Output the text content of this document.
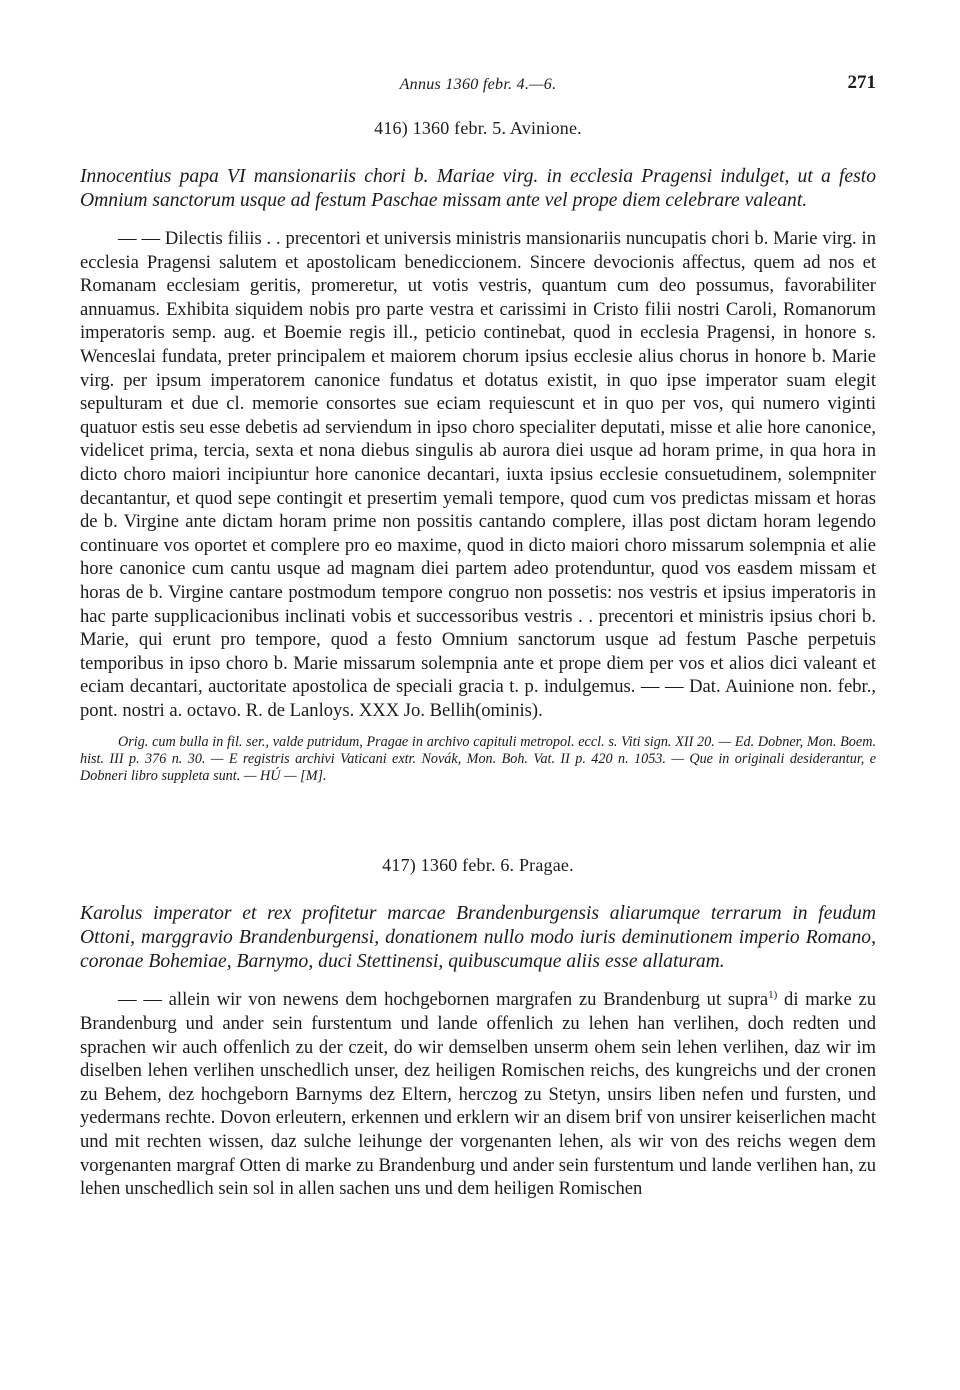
Annus 1360 febr. 4.—6.	271
416) 1360 febr. 5. Avinione.

Innocentius papa VI mansionariis chori b. Mariae virg. in ecclesia Pragensi indulget, ut a festo Omnium sanctorum usque ad festum Paschae missam ante vel prope diem celebrare valeant.

— — Dilectis filiis . . precentori et universis ministris mansionariis nuncupatis chori b. Marie virg. in ecclesia Pragensi salutem et apostolicam benediccionem. Sincere devocionis affectus, quem ad nos et Romanam ecclesiam geritis, promeretur, ut votis vestris, quantum cum deo possumus, favorabiliter annuamus. Exhibita siquidem nobis pro parte vestra et carissimi in Cristo filii nostri Caroli, Romanorum imperatoris semp. aug. et Boemie regis ill., peticio continebat, quod in ecclesia Pragensi, in honore s. Wenceslai fundata, preter principalem et maiorem chorum ipsius ecclesie alius chorus in honore b. Marie virg. per ipsum imperatorem canonice fundatus et dotatus existit, in quo ipse imperator suam elegit sepulturam et due cl. memorie consortes sue eciam requiescunt et in quo per vos, qui numero viginti quatuor estis seu esse debetis ad serviendum in ipso choro specialiter deputati, misse et alie hore canonice, videlicet prima, tercia, sexta et nona diebus singulis ab aurora diei usque ad horam prime, in qua hora in dicto choro maiori incipiuntur hore canonice decantari, iuxta ipsius ecclesie consuetudinem, solempniter decantantur, et quod sepe contingit et presertim yemali tempore, quod cum vos predictas missam et horas de b. Virgine ante dictam horam prime non possitis cantando complere, illas post dictam horam legendo continuare vos oportet et complere pro eo maxime, quod in dicto maiori choro missarum solempnia et alie hore canonice cum cantu usque ad magnam diei partem adeo protenduntur, quod vos easdem missam et horas de b. Virgine cantare postmodum tempore congruo non possetis: nos vestris et ipsius imperatoris in hac parte supplicacionibus inclinati vobis et successoribus vestris . . precentori et ministris ipsius chori b. Marie, qui erunt pro tempore, quod a festo Omnium sanctorum usque ad festum Pasche perpetuis temporibus in ipso choro b. Marie missarum solempnia ante et prope diem per vos et alios dici valeant et eciam decantari, auctoritate apostolica de speciali gracia t. p. indulgemus. — — Dat. Auinione non. febr., pont. nostri a. octavo. R. de Lanloys. XXX Jo. Bellih(ominis).

Orig. cum bulla in fil. ser., valde putridum, Pragae in archivo capituli metropol. eccl. s. Viti sign. XII 20. — Ed. Dobner, Mon. Boem. hist. III p. 376 n. 30. — E registris archivi Vaticani extr. Novák, Mon. Boh. Vat. II p. 420 n. 1053. — Que in originali desiderantur, e Dobneri libro suppleta sunt. — HÚ — [M].

417) 1360 febr. 6. Pragae.

Karolus imperator et rex profitetur marcae Brandenburgensis aliarumque terrarum in feudum Ottoni, marggravio Brandenburgensi, donationem nullo modo iuris deminutionem imperio Romano, coronae Bohemiae, Barnymo, duci Stettinensi, quibuscumque aliis esse allaturam.

— — allein wir von newens dem hochgebornen margrafen zu Brandenburg ut supra$^{1)}$ di marke zu Brandenburg und ander sein furstentum und lande offenlich zu lehen han verlihen, doch redten und sprachen wir auch offenlich zu der czeit, do wir demselben unserm ohem sein lehen verlihen, daz wir im diselben lehen verlihen unschedlich unser, dez heiligen Romischen reichs, des kungreichs und der cronen zu Behem, dez hochgeborn Barnyms dez Eltern, herczog zu Stetyn, unsirs liben nefen und fursten, und yedermans rechte. Dovon erleutern, erkennen und erklern wir an disem brif von unsirer keiserlichen macht und mit rechten wissen, daz sulche leihunge der vorgenanten lehen, als wir von des reichs wegen dem vorgenanten margraf Otten di marke zu Brandenburg und ander sein furstentum und lande verlihen han, zu lehen unschedlich sein sol in allen sachen uns und dem heiligen Romischen
